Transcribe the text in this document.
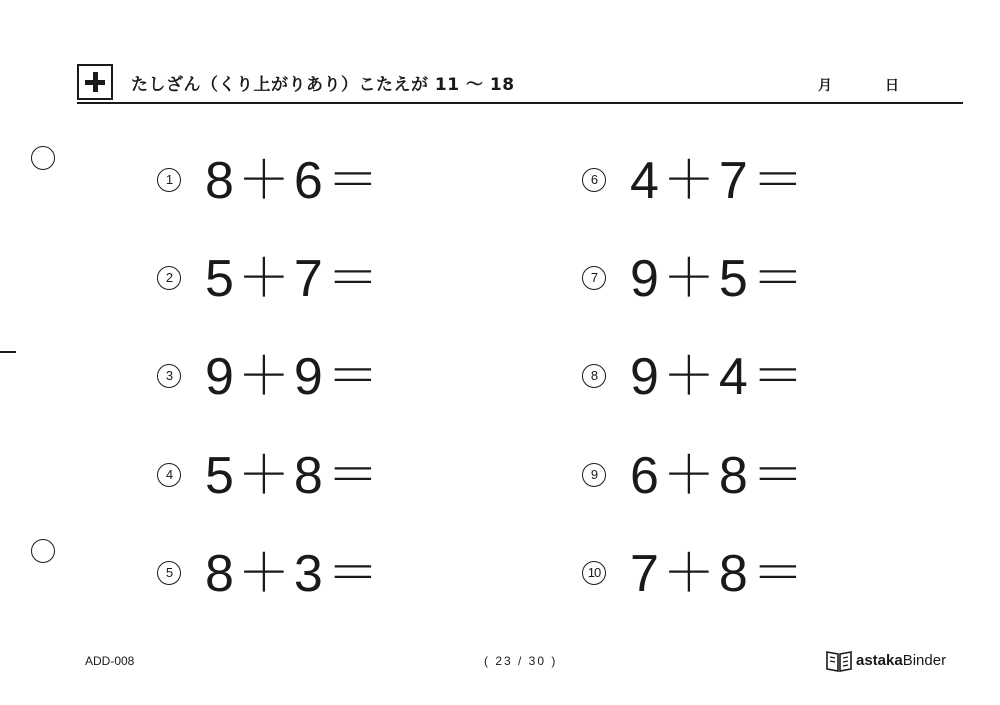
たしざん（くり上がりあり）こたえが 11 〜 18	月	日
1 8＋6＝
2 5＋7＝
3 9＋9＝
4 5＋8＝
5 8＋3＝
6 4＋7＝
7 9＋5＝
8 9＋4＝
9 6＋8＝
10 7＋8＝
ADD-008	( 23 / 30 )	astakaBinder
